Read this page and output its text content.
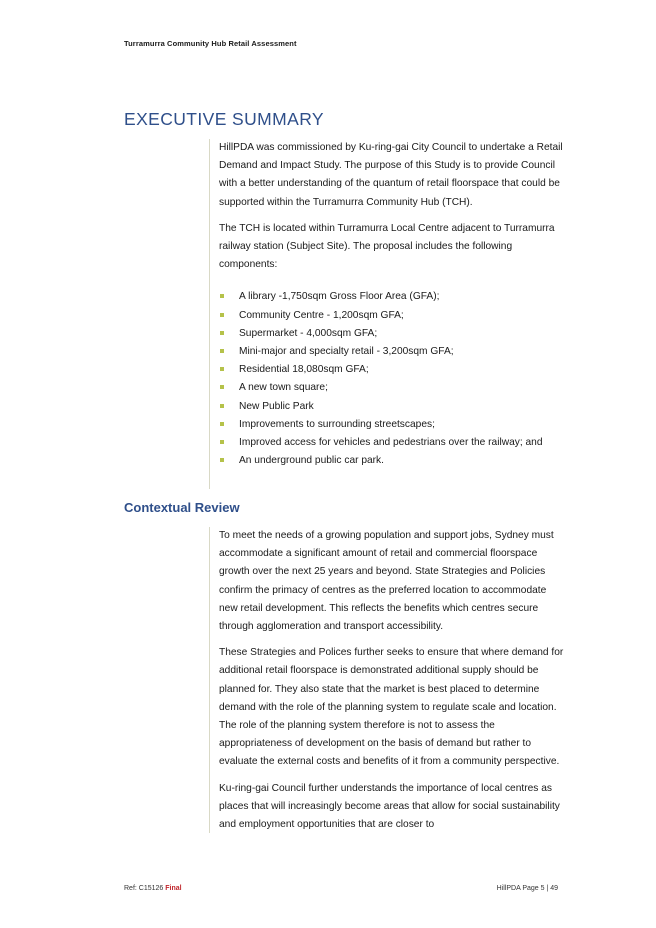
Turramurra Community Hub Retail Assessment
EXECUTIVE SUMMARY

HillPDA was commissioned by Ku-ring-gai City Council to undertake a Retail Demand and Impact Study. The purpose of this Study is to provide Council with a better understanding of the quantum of retail floorspace that could be supported within the Turramurra Community Hub (TCH).

The TCH is located within Turramurra Local Centre adjacent to Turramurra railway station (Subject Site). The proposal includes the following components:

A library -1,750sqm Gross Floor Area (GFA);
Community Centre - 1,200sqm GFA;
Supermarket - 4,000sqm GFA;
Mini-major and specialty retail - 3,200sqm GFA;
Residential 18,080sqm GFA;
A new town square;
New Public Park
Improvements to surrounding streetscapes;
Improved access for vehicles and pedestrians over the railway; and
An underground public car park.
Contextual Review

To meet the needs of a growing population and support jobs, Sydney must accommodate a significant amount of retail and commercial floorspace growth over the next 25 years and beyond. State Strategies and Policies confirm the primacy of centres as the preferred location to accommodate new retail development. This reflects the benefits which centres secure through agglomeration and transport accessibility.

These Strategies and Polices further seeks to ensure that where demand for additional retail floorspace is demonstrated additional supply should be planned for. They also state that the market is best placed to determine demand with the role of the planning system to regulate scale and location. The role of the planning system therefore is not to assess the appropriateness of development on the basis of demand but rather to evaluate the external costs and benefits of it from a community perspective.

Ku-ring-gai Council further understands the importance of local centres as places that will increasingly become areas that allow for social sustainability and employment opportunities that are closer to

Ref: C15126 Final	HillPDA Page 5 | 49
